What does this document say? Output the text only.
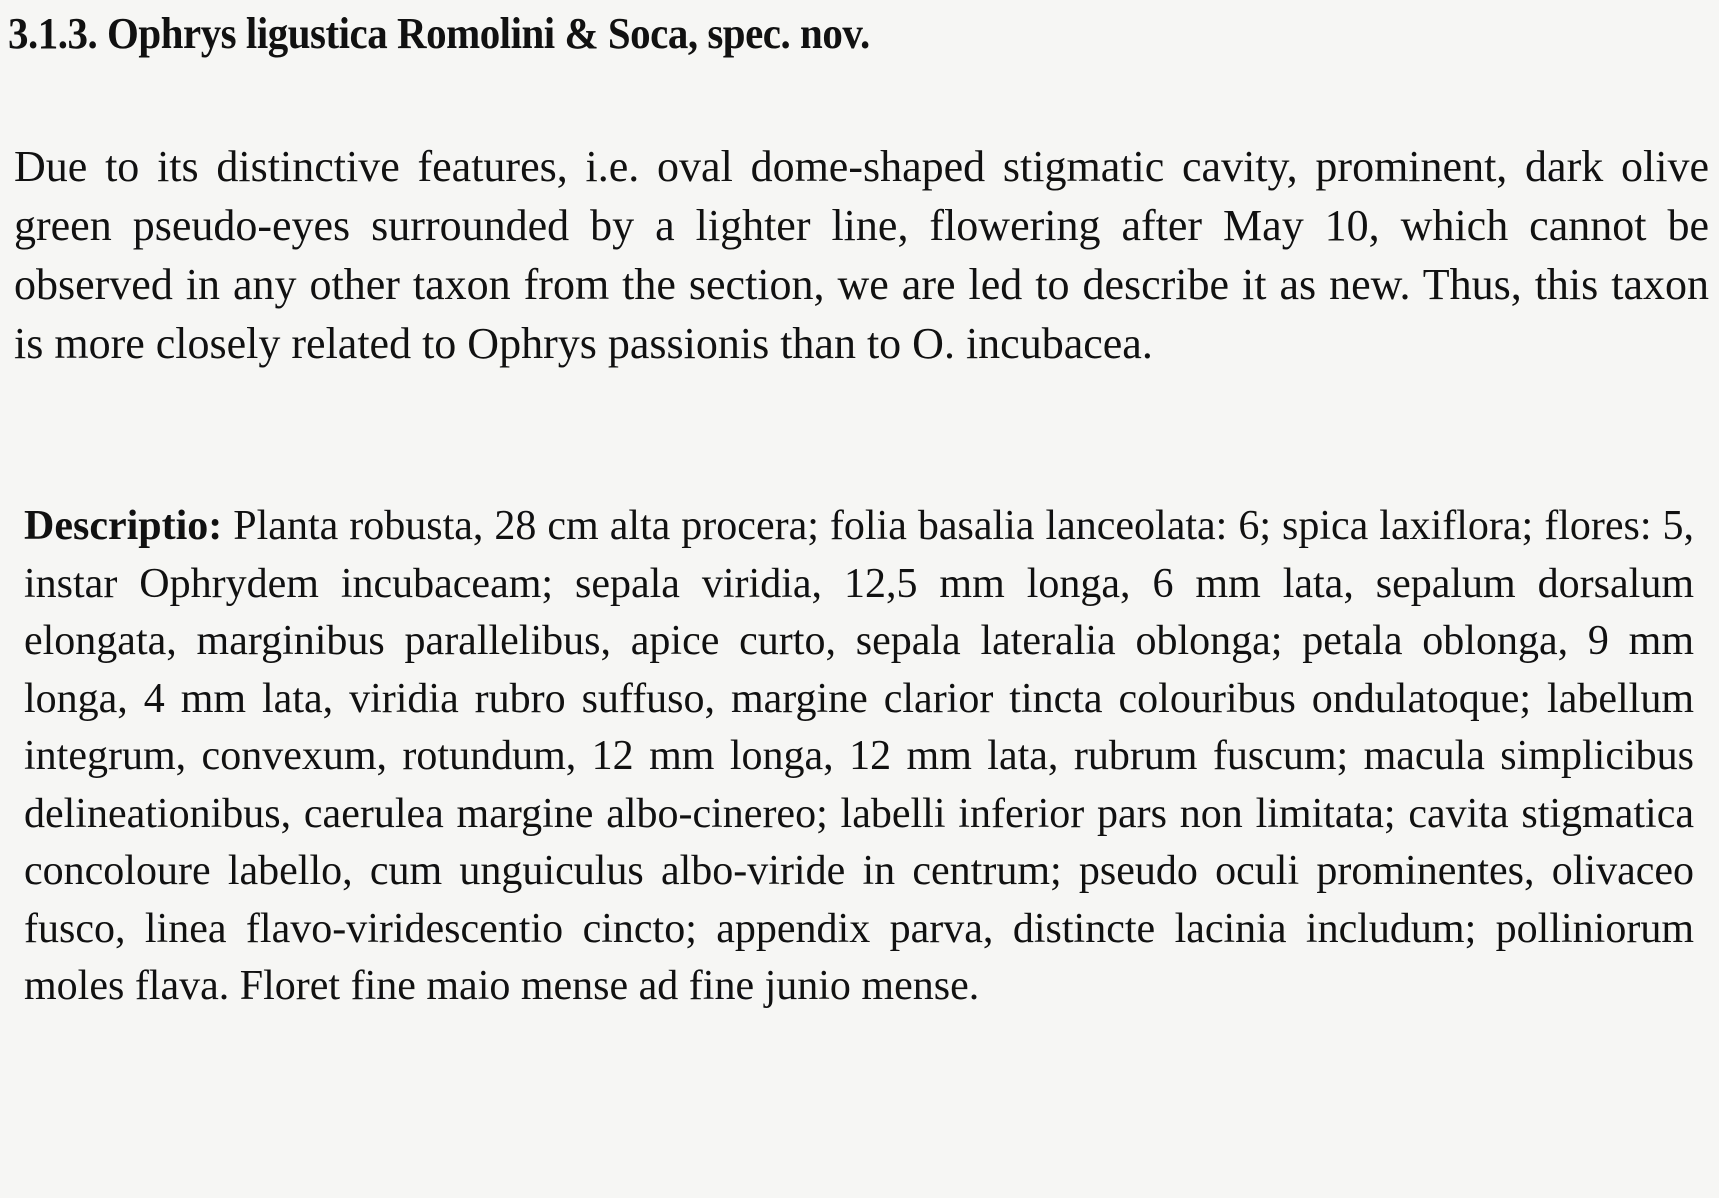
3.1.3. Ophrys ligustica Romolini & Soca, spec. nov.

Due to its distinctive features, i.e. oval dome-shaped stigmatic cavity, prominent, dark olive green pseudo-eyes surrounded by a lighter line, flowering after May 10, which cannot be observed in any other taxon from the section, we are led to describe it as new. Thus, this taxon is more closely related to Ophrys passionis than to O. incubacea.

Descriptio: Planta robusta, 28 cm alta procera; folia basalia lanceolata: 6; spica laxiflora; flores: 5, instar Ophrydem incubaceam; sepala viridia, 12,5 mm longa, 6 mm lata, sepalum dorsalum elongata, marginibus parallelibus, apice curto, sepala lateralia oblonga; petala oblonga, 9 mm longa, 4 mm lata, viridia rubro suffuso, margine clarior tincta colouribus ondulatoque; labellum integrum, convexum, rotundum, 12 mm longa, 12 mm lata, rubrum fuscum; macula simplicibus delineationibus, caerulea margine albo-cinereo; labelli inferior pars non limitata; cavita stigmatica concoloure labello, cum unguiculus albo-viride in centrum; pseudo oculi prominentes, olivaceo fusco, linea flavo-viridescentio cincto; appendix parva, distincte lacinia includum; polliniorum moles flava. Floret fine maio mense ad fine junio mense.
